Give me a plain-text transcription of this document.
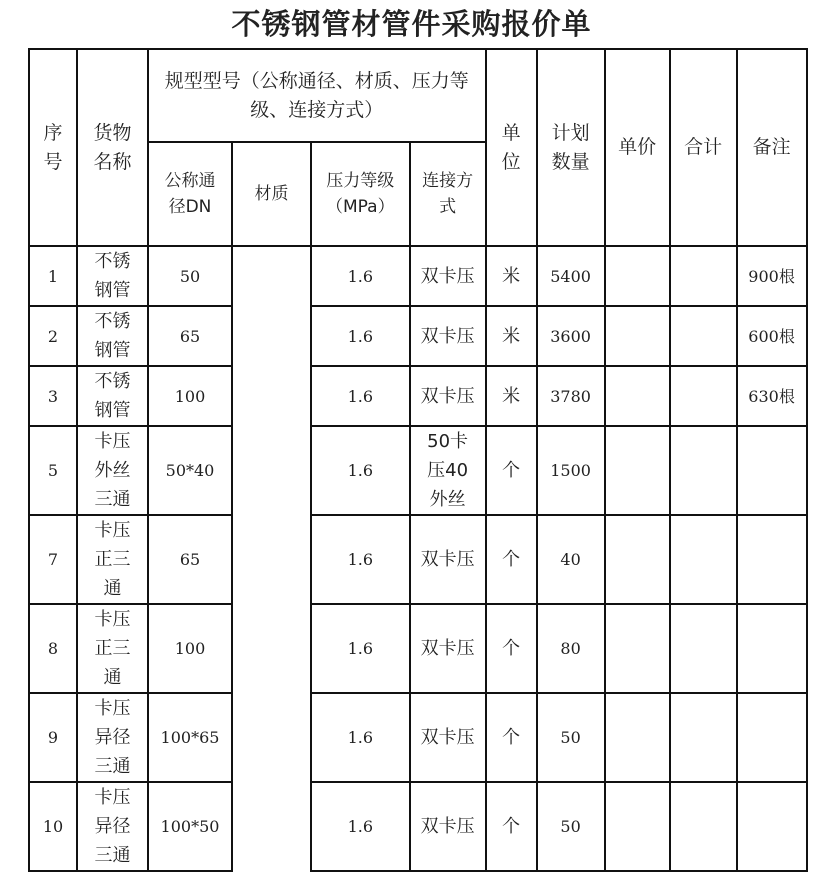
不锈钢管材管件采购报价单
序号	货物名称	规型型号（公称通径、材质、压力等级、连接方式）				单位	计划数量	单价	合计	备注
		公称通径DN	材质	压力等级（MPa）	连接方式					
1	不锈钢管	50		1.6	双卡压	米	5400			900根
2	不锈钢管	65		1.6	双卡压	米	3600			600根
3	不锈钢管	100		1.6	双卡压	米	3780			630根
5	卡压外丝三通	50*40		1.6	50卡压40外丝	个	1500			
7	卡压正三通	65		1.6	双卡压	个	40			
8	卡压正三通	100		1.6	双卡压	个	80			
9	卡压异径三通	100*65		1.6	双卡压	个	50			
10	卡压异径三通	100*50		1.6	双卡压	个	50			
